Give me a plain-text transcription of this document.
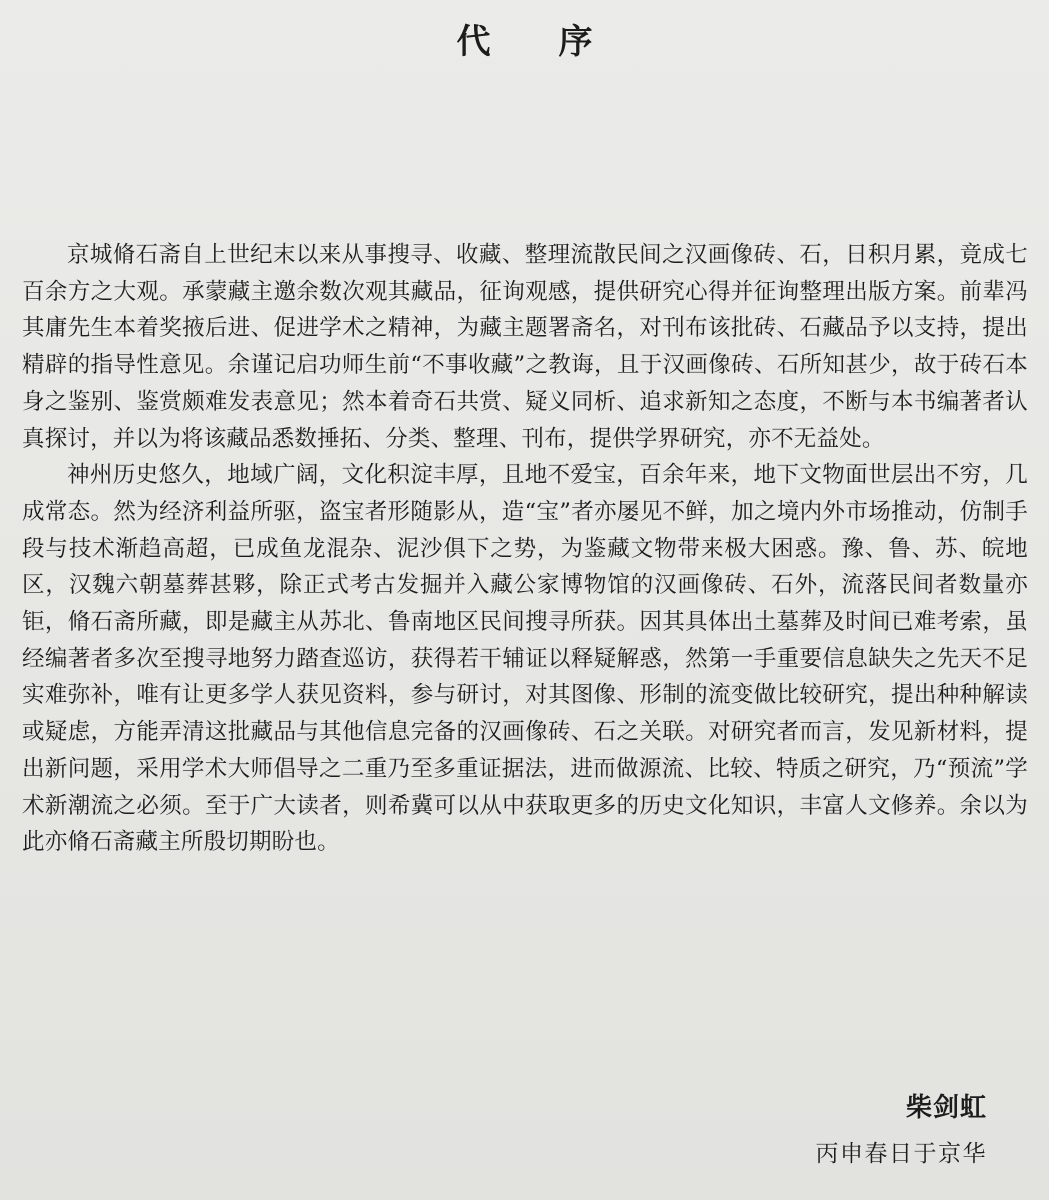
代 序

京城脩石斋自上世纪末以来从事搜寻、收藏、整理流散民间之汉画像砖、石，日积月累，竟成七百余方之大观。承蒙藏主邀余数次观其藏品，征询观感，提供研究心得并征询整理出版方案。前辈冯其庸先生本着奖掖后进、促进学术之精神，为藏主题署斋名，对刊布该批砖、石藏品予以支持，提出精辟的指导性意见。余谨记启功师生前“不事收藏”之教诲，且于汉画像砖、石所知甚少，故于砖石本身之鉴别、鉴赏颇难发表意见；然本着奇石共赏、疑义同析、追求新知之态度，不断与本书编著者认真探讨，并以为将该藏品悉数捶拓、分类、整理、刊布，提供学界研究，亦不无益处。

神州历史悠久，地域广阔，文化积淀丰厚，且地不爱宝，百余年来，地下文物面世层出不穷，几成常态。然为经济利益所驱，盗宝者形随影从，造“宝”者亦屡见不鲜，加之境内外市场推动，仿制手段与技术渐趋高超，已成鱼龙混杂、泥沙俱下之势，为鉴藏文物带来极大困惑。豫、鲁、苏、皖地区，汉魏六朝墓葬甚夥，除正式考古发掘并入藏公家博物馆的汉画像砖、石外，流落民间者数量亦钜，脩石斋所藏，即是藏主从苏北、鲁南地区民间搜寻所获。因其具体出土墓葬及时间已难考索，虽经编著者多次至搜寻地努力踏查巡访，获得若干辅证以释疑解惑，然第一手重要信息缺失之先天不足实难弥补，唯有让更多学人获见资料，参与研讨，对其图像、形制的流变做比较研究，提出种种解读或疑虑，方能弄清这批藏品与其他信息完备的汉画像砖、石之关联。对研究者而言，发见新材料，提出新问题，采用学术大师倡导之二重乃至多重证据法，进而做源流、比较、特质之研究，乃“预流”学术新潮流之必须。至于广大读者，则希冀可以从中获取更多的历史文化知识，丰富人文修养。余以为此亦脩石斋藏主所殷切期盼也。

柴剑虹
丙申春日于京华
